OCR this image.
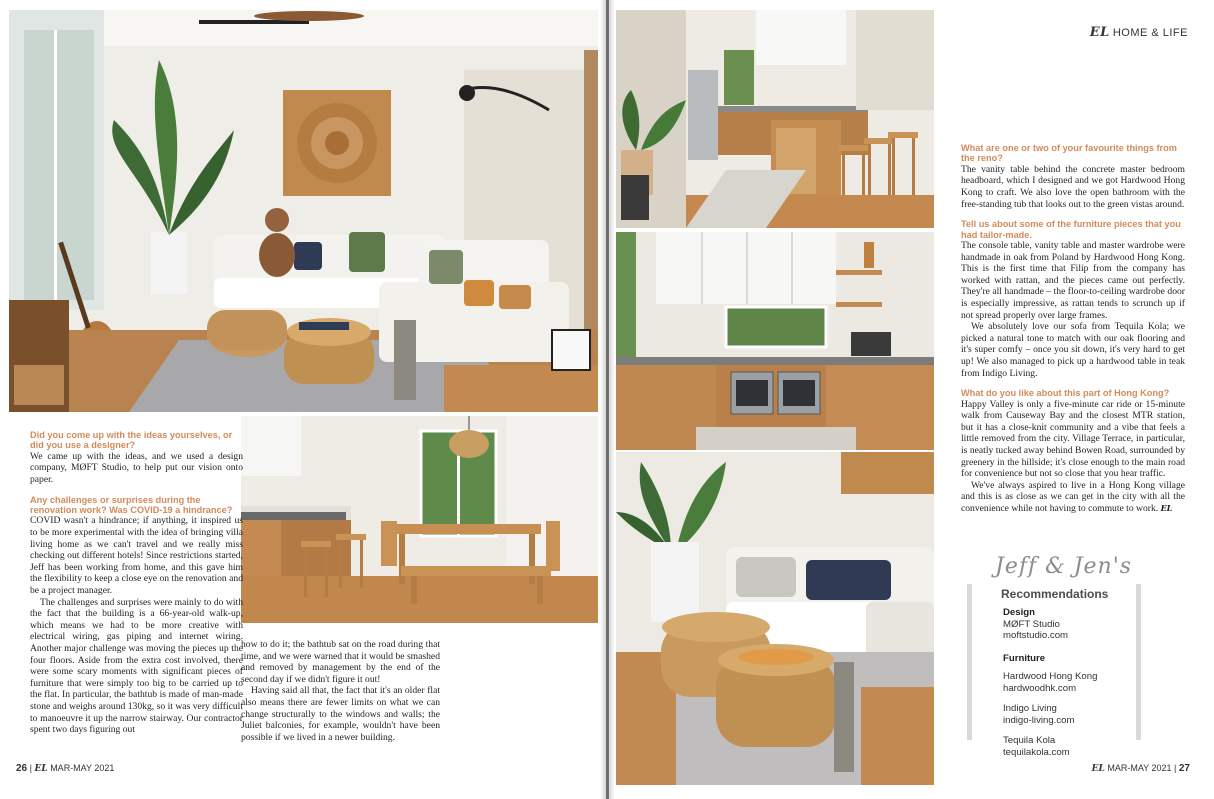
Did you come up with the ideas yourselves, or did you use a designer?

We came up with the ideas, and we used a design company, MØFT Studio, to help put our vision onto paper.

Any challenges or surprises during the renovation work? Was COVID-19 a hindrance?

COVID wasn't a hindrance; if anything, it inspired us to be more experimental with the idea of bringing villa living home as we can't travel and we really miss checking out different hotels! Since restrictions started, Jeff has been working from home, and this gave him the flexibility to keep a close eye on the renovation and be a project manager.

The challenges and surprises were mainly to do with the fact that the building is a 66-year-old walk-up, which means we had to be more creative with electrical wiring, gas piping and internet wiring. Another major challenge was moving the pieces up the four floors. Aside from the extra cost involved, there were some scary moments with significant pieces of furniture that were simply too big to be carried up to the flat. In particular, the bathtub is made of man-made stone and weighs around 130kg, so it was very difficult to manoeuvre it up the narrow stairway. Our contractor spent two days figuring out

how to do it; the bathtub sat on the road during that time, and we were warned that it would be smashed and removed by management by the end of the second day if we didn't figure it out!

Having said all that, the fact that it's an older flat also means there are fewer limits on what we can change structurally to the windows and walls; the Juliet balconies, for example, wouldn't have been possible if we lived in a newer building.

26 | EL MAR-MAY 2021
EL HOME & LIFE

What are one or two of your favourite things from the reno?

The vanity table behind the concrete master bedroom headboard, which I designed and we got Hardwood Hong Kong to craft. We also love the open bathroom with the free-standing tub that looks out to the green vistas around.

Tell us about some of the furniture pieces that you had tailor-made.

The console table, vanity table and master wardrobe were handmade in oak from Poland by Hardwood Hong Kong. This is the first time that Filip from the company has worked with rattan, and the pieces came out perfectly. They're all handmade – the floor-to-ceiling wardrobe door is especially impressive, as rattan tends to scrunch up if not spread properly over large frames.

We absolutely love our sofa from Tequila Kola; we picked a natural tone to match with our oak flooring and it's super comfy – once you sit down, it's very hard to get up! We also managed to pick up a hardwood table in teak from Indigo Living.

What do you like about this part of Hong Kong?

Happy Valley is only a five-minute car ride or 15-minute walk from Causeway Bay and the closest MTR station, but it has a close-knit community and a vibe that feels a little removed from the city. Village Terrace, in particular, is neatly tucked away behind Bowen Road, surrounded by greenery in the hillside; it's close enough to the main road for convenience but not so close that you hear traffic.

We've always aspired to live in a Hong Kong village and this is as close as we can get in the city with all the convenience while not having to commute to work. EL

Jeff & Jen's
Recommendations
Design
MØFT Studio
moftstudio.com
Furniture
Hardwood Hong Kong
hardwoodhk.com
Indigo Living
indigo-living.com
Tequila Kola
tequilakola.com
EL MAR-MAY 2021 | 27
